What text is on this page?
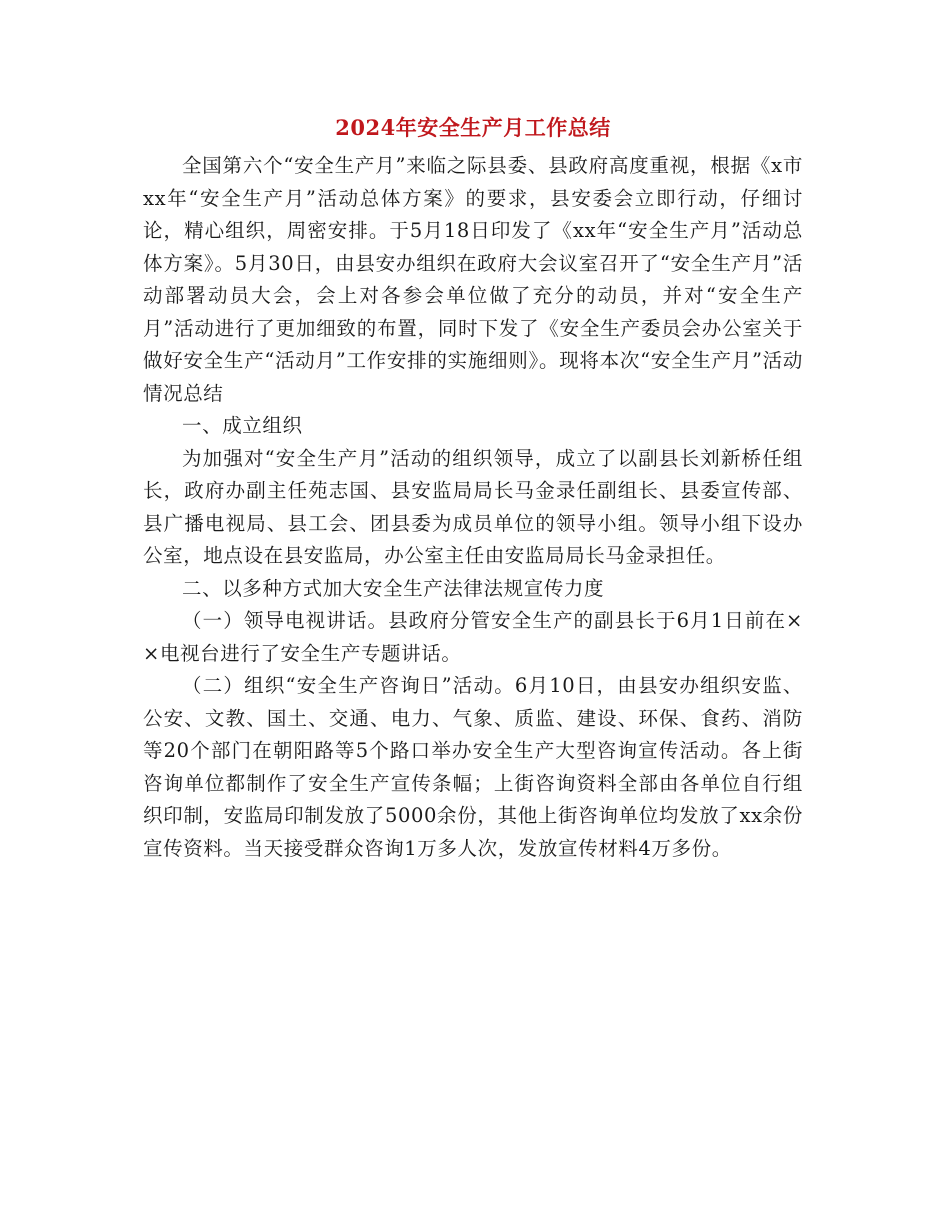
2024年安全生产月工作总结

全国第六个“安全生产月”来临之际县委、县政府高度重视，根据《x市xx年“安全生产月”活动总体方案》的要求，县安委会立即行动，仔细讨论，精心组织，周密安排。于5月18日印发了《xx年“安全生产月”活动总体方案》。5月30日，由县安办组织在政府大会议室召开了“安全生产月”活动部署动员大会，会上对各参会单位做了充分的动员，并对“安全生产月”活动进行了更加细致的布置，同时下发了《安全生产委员会办公室关于做好安全生产“活动月”工作安排的实施细则》。现将本次“安全生产月”活动情况总结

一、成立组织

为加强对“安全生产月”活动的组织领导，成立了以副县长刘新桥任组长，政府办副主任苑志国、县安监局局长马金录任副组长、县委宣传部、县广播电视局、县工会、团县委为成员单位的领导小组。领导小组下设办公室，地点设在县安监局，办公室主任由安监局局长马金录担任。

二、以多种方式加大安全生产法律法规宣传力度

（一）领导电视讲话。县政府分管安全生产的副县长于6月1日前在××电视台进行了安全生产专题讲话。

（二）组织“安全生产咨询日”活动。6月10日，由县安办组织安监、公安、文教、国土、交通、电力、气象、质监、建设、环保、食药、消防等20个部门在朝阳路等5个路口举办安全生产大型咨询宣传活动。各上街咨询单位都制作了安全生产宣传条幅；上街咨询资料全部由各单位自行组织印制，安监局印制发放了5000余份，其他上街咨询单位均发放了xx余份宣传资料。当天接受群众咨询1万多人次，发放宣传材料4万多份。
